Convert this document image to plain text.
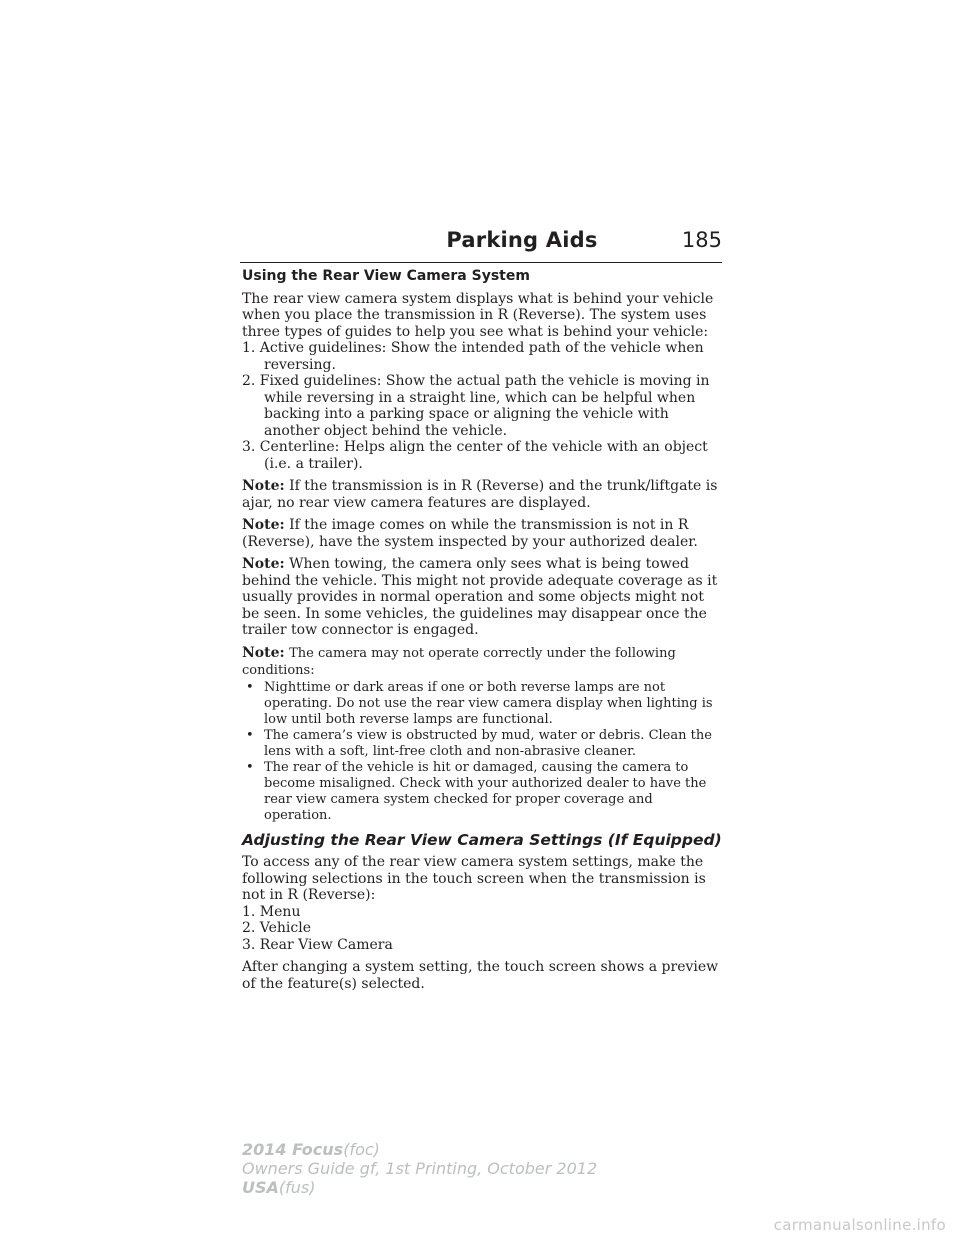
Parking Aids	185
Using the Rear View Camera System

The rear view camera system displays what is behind your vehicle when you place the transmission in R (Reverse). The system uses three types of guides to help you see what is behind your vehicle:

1. Active guidelines: Show the intended path of the vehicle when reversing.
2. Fixed guidelines: Show the actual path the vehicle is moving in while reversing in a straight line, which can be helpful when backing into a parking space or aligning the vehicle with another object behind the vehicle.
3. Centerline: Helps align the center of the vehicle with an object (i.e. a trailer).

Note: If the transmission is in R (Reverse) and the trunk/liftgate is ajar, no rear view camera features are displayed.

Note: If the image comes on while the transmission is not in R (Reverse), have the system inspected by your authorized dealer.

Note: When towing, the camera only sees what is being towed behind the vehicle. This might not provide adequate coverage as it usually provides in normal operation and some objects might not be seen. In some vehicles, the guidelines may disappear once the trailer tow connector is engaged.

Note: The camera may not operate correctly under the following conditions:

• Nighttime or dark areas if one or both reverse lamps are not operating. Do not use the rear view camera display when lighting is low until both reverse lamps are functional.
• The camera’s view is obstructed by mud, water or debris. Clean the lens with a soft, lint-free cloth and non-abrasive cleaner.
• The rear of the vehicle is hit or damaged, causing the camera to become misaligned. Check with your authorized dealer to have the rear view camera system checked for proper coverage and operation.
Adjusting the Rear View Camera Settings (If Equipped)

To access any of the rear view camera system settings, make the following selections in the touch screen when the transmission is not in R (Reverse):

1. Menu
2. Vehicle
3. Rear View Camera

After changing a system setting, the touch screen shows a preview of the feature(s) selected.

2014 Focus(foc)
Owners Guide gf, 1st Printing, October 2012
USA(fus)
carmanualsonline.info
